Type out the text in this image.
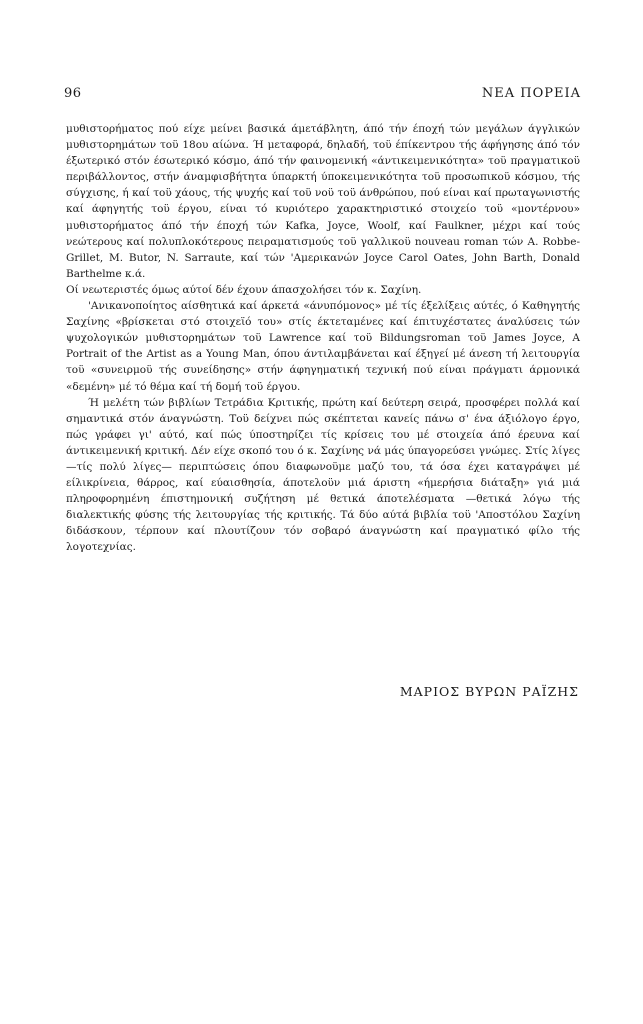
96	ΝΕΑ ΠΟΡΕΙΑ

μυθιστορήματος πού είχε μείνει βασικά άμετάβλητη, άπό τήν έποχή τών μεγάλων άγγλικών μυθιστορημάτων τοϋ 18ου αίώνα. Ή μεταφορά, δηλαδή, τοϋ έπίκεντρου τής άφήγησης άπό τόν έξωτερικό στόν έσωτερικό κόσμο, άπό τήν φαινομενική «άντικειμενικότητα» τοϋ πραγματικοϋ περιβάλλοντος, στήν άναμφισβήτητα ύπαρκτή ύποκειμενικότητα τοϋ προσωπικοϋ κόσμου, τής σύγχισης, ή καί τοϋ χάους, τής ψυχής καί τοϋ νοϋ τοϋ άνθρώπου, πού είναι καί πρωταγωνιστής καί άφηγητής τοϋ έργου, είναι τό κυριότερο χαρακτηριστικό στοιχείο τοϋ «μοντέρνου» μυθιστορήματος άπό τήν έποχή τών Kafka, Joyce, Woolf, καί Faulkner, μέχρι καί τούς νεώτερους καί πολυπλοκότερους πειραματισμούς τοϋ γαλλικοϋ nouveau roman τών A. Robbe-Grillet, M. Butor, N. Sarraute, καί τών 'Αμερικανών Joyce Carol Oates, John Barth, Donald Barthelme κ.ά.

Οί νεωτεριστές όμως αύτοί δέν έχουν άπασχολήσει τόν κ. Σαχίνη.

'Ανικανοποίητος αίσθητικά καί άρκετά «άνυπόμονος» μέ τίς έξελίξεις αύτές, ό Καθηγητής Σαχίνης «βρίσκεται στό στοιχεϊό του» στίς έκτεταμένες καί έπιτυχέστατες άναλύσεις τών ψυχολογικών μυθιστορημάτων τοϋ Lawrence καί τοϋ Bildungsroman τοϋ James Joyce, A Portrait of the Artist as a Young Man, όπου άντιλαμβάνεται καί έξηγεί μέ άνεση τή λειτουργία τοϋ «συνειρμοϋ τής συνείδησης» στήν άφηγηματική τεχνική πού είναι πράγματι άρμονικά «δεμένη» μέ τό θέμα καί τή δομή τοϋ έργου.

Ή μελέτη τών βιβλίων Τετράδια Κριτικής, πρώτη καί δεύτερη σειρά, προσφέρει πολλά καί σημαντικά στόν άναγνώστη. Τοϋ δείχνει πώς σκέπτεται κανείς πάνω σ' ένα άξιόλογο έργο, πώς γράφει γι' αύτό, καί πώς ύποστηρίζει τίς κρίσεις του μέ στοιχεία άπό έρευνα καί άντικειμενική κριτική. Δέν είχε σκοπό του ό κ. Σαχίνης νά μάς ύπαγορεύσει γνώμες. Στίς λίγες —τίς πολύ λίγες— περιπτώσεις όπου διαφωνοϋμε μαζύ του, τά όσα έχει καταγράψει μέ είλικρίνεια, θάρρος, καί εύαισθησία, άποτελοϋν μιά άριστη «ήμερήσια διάταξη» γιά μιά πληροφορημένη έπιστημονική συζήτηση μέ θετικά άποτελέσματα —θετικά λόγω τής διαλεκτικής φύσης τής λειτουργίας τής κριτικής. Τά δύο αύτά βιβλία τοϋ 'Αποστόλου Σαχίνη διδάσκουν, τέρπουν καί πλουτίζουν τόν σοβαρό άναγνώστη καί πραγματικό φίλο τής λογοτεχνίας.

ΜΑΡΙΟΣ ΒΥΡΩΝ ΡΑΪΖΗΣ
